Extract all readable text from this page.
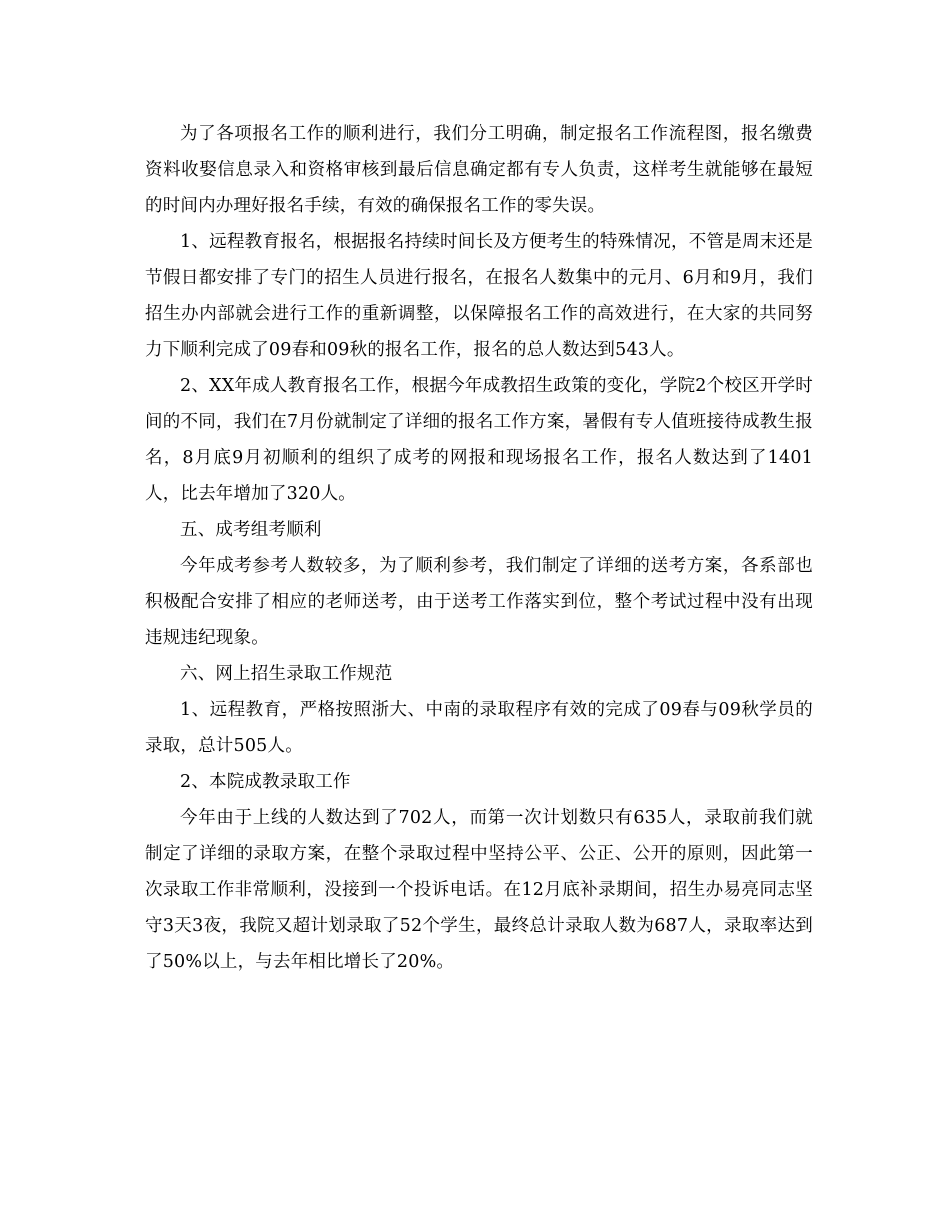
为了各项报名工作的顺利进行，我们分工明确，制定报名工作流程图，报名缴费资料收娶信息录入和资格审核到最后信息确定都有专人负责，这样考生就能够在最短的时间内办理好报名手续，有效的确保报名工作的零失误。

1、远程教育报名，根据报名持续时间长及方便考生的特殊情况，不管是周末还是节假日都安排了专门的招生人员进行报名，在报名人数集中的元月、6月和9月，我们招生办内部就会进行工作的重新调整，以保障报名工作的高效进行，在大家的共同努力下顺利完成了09春和09秋的报名工作，报名的总人数达到543人。

2、XX年成人教育报名工作，根据今年成教招生政策的变化，学院2个校区开学时间的不同，我们在7月份就制定了详细的报名工作方案，暑假有专人值班接待成教生报名，8月底9月初顺利的组织了成考的网报和现场报名工作，报名人数达到了1401人，比去年增加了320人。

五、成考组考顺利

今年成考参考人数较多，为了顺利参考，我们制定了详细的送考方案，各系部也积极配合安排了相应的老师送考，由于送考工作落实到位，整个考试过程中没有出现违规违纪现象。

六、网上招生录取工作规范

1、远程教育，严格按照浙大、中南的录取程序有效的完成了09春与09秋学员的录取，总计505人。

2、本院成教录取工作

今年由于上线的人数达到了702人，而第一次计划数只有635人，录取前我们就制定了详细的录取方案，在整个录取过程中坚持公平、公正、公开的原则，因此第一次录取工作非常顺利，没接到一个投诉电话。在12月底补录期间，招生办易亮同志坚守3天3夜，我院又超计划录取了52个学生，最终总计录取人数为687人，录取率达到了50%以上，与去年相比增长了20%。
